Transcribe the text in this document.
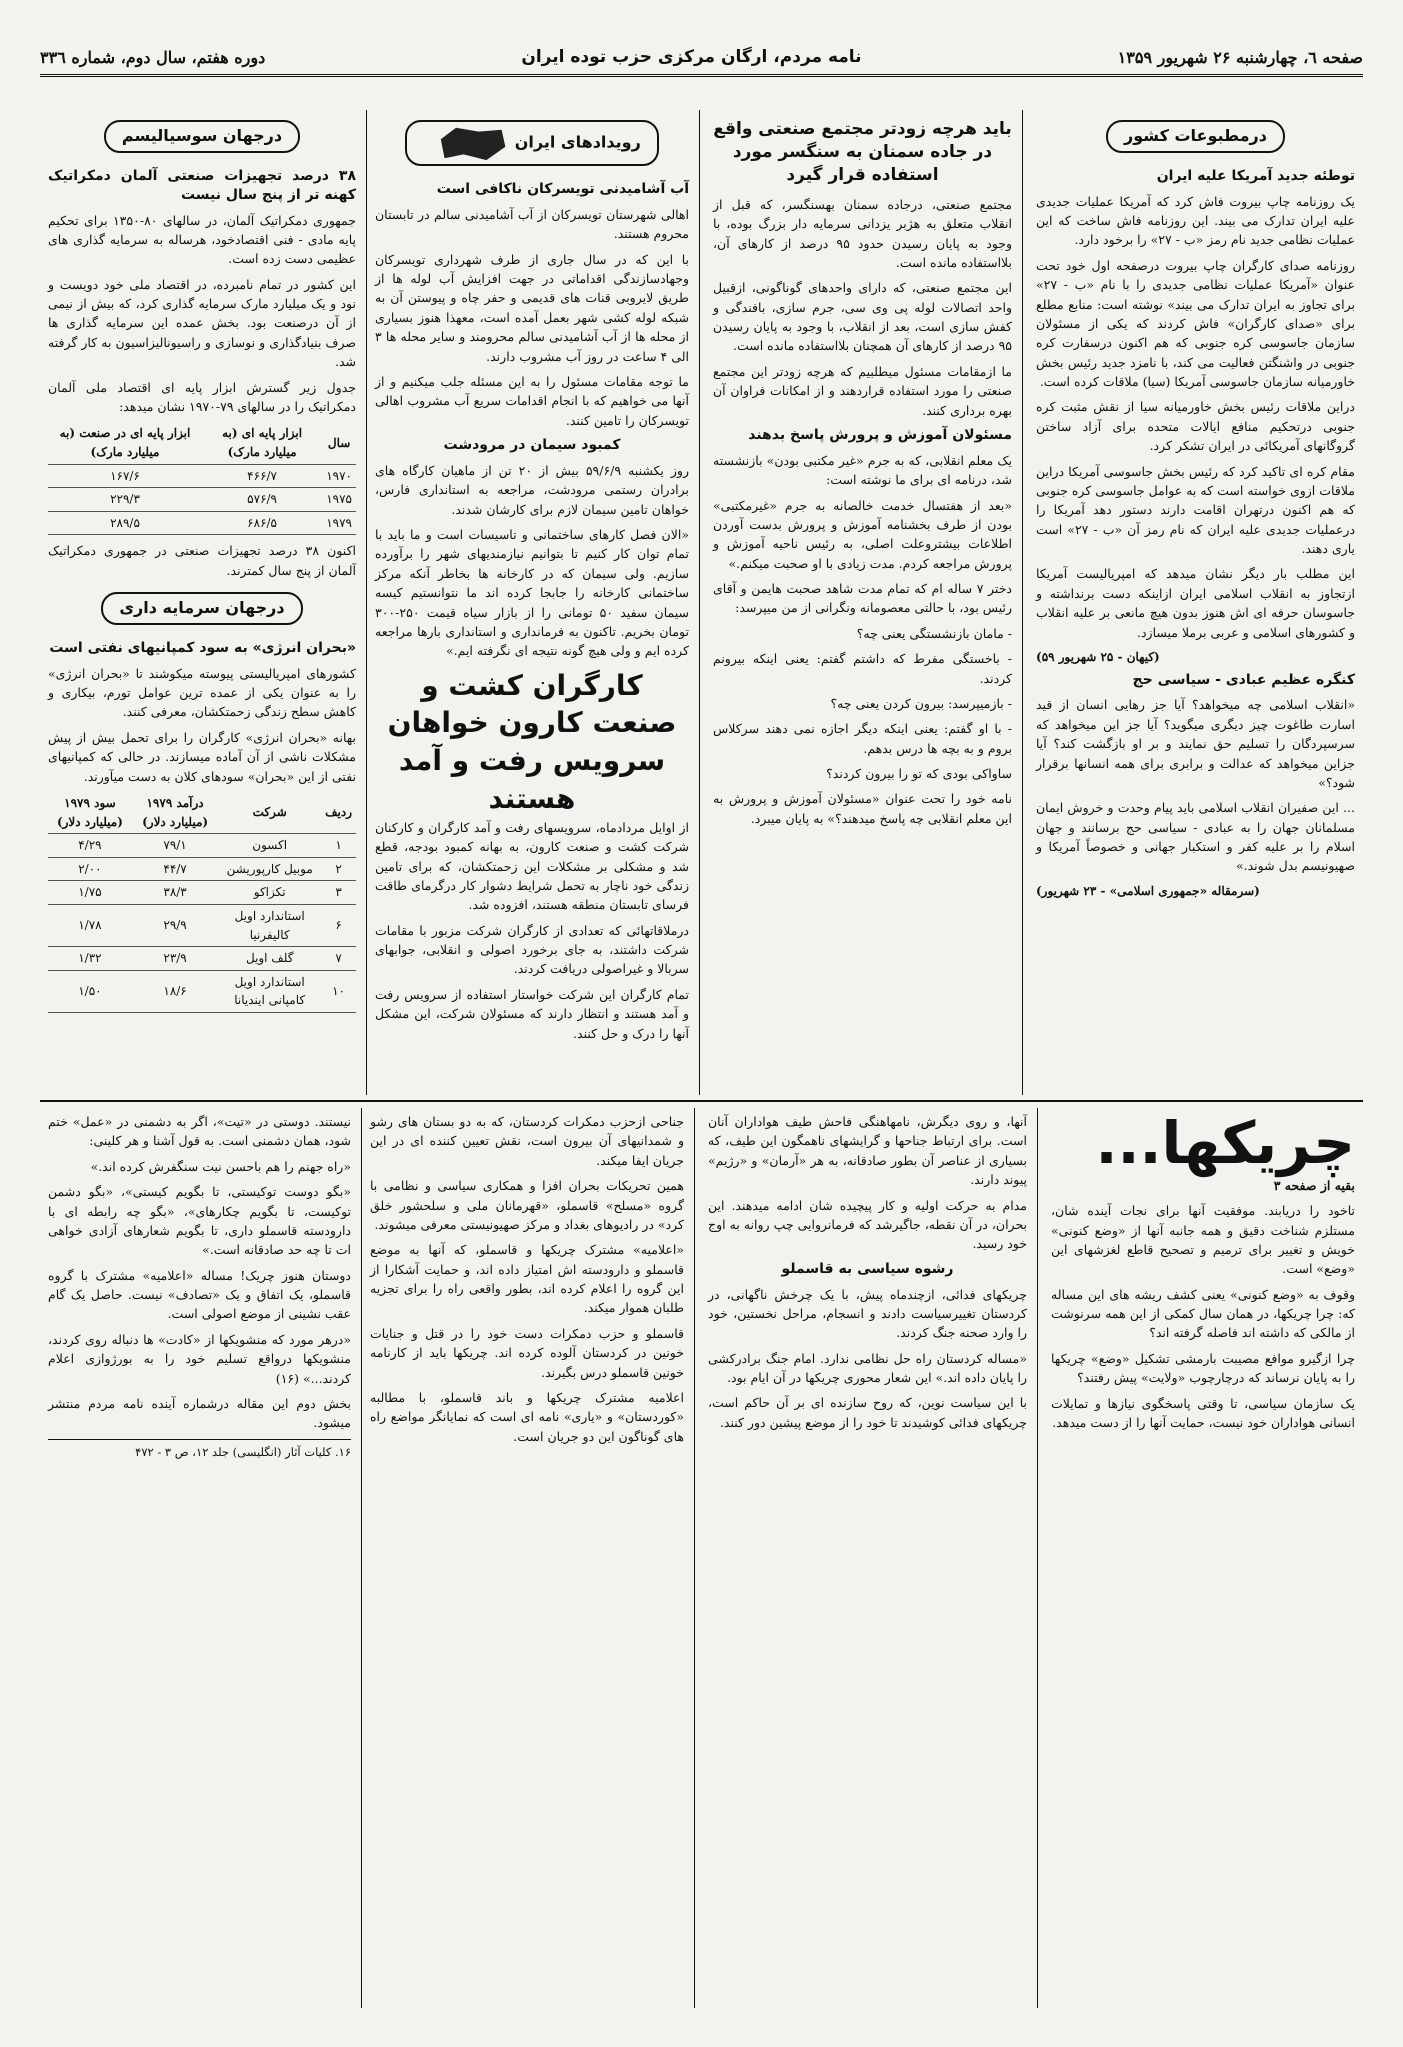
صفحه ٦، چهارشنبه ۲۶ شهریور ۱۳۵۹
نامه مردم، ارگان مرکزی حزب توده ایران
دوره هفتم، سال دوم، شماره ۳۳٦
درمطبوعات کشور
توطئه جدید آمریکا علیه ایران

یک روزنامه چاپ بیروت فاش کرد که آمریکا عملیات جدیدی علیه ایران تدارک می بیند. این روزنامه فاش ساخت که این عملیات نظامی جدید نام رمز «ب - ۲۷» را برخود دارد.

روزنامه صدای کارگران چاپ بیروت درصفحه اول خود تحت عنوان «آمریکا عملیات نظامی جدیدی را با نام «ب - ۲۷» برای تجاوز به ایران تدارک می بیند» نوشته است: منابع مطلع برای «صدای کارگران» فاش کردند که یکی از مسئولان سازمان جاسوسی کره جنوبی که هم اکنون درسفارت کره جنوبی در واشنگتن فعالیت می کند، با نامزد جدید رئیس بخش خاورمیانه سازمان جاسوسی آمریکا (سیا) ملاقات کرده است.

دراین ملاقات رئیس بخش خاورمیانه سیا از نقش مثبت کره جنوبی درتحکیم منافع ایالات متحده برای آزاد ساختن گروگانهای آمریکائی در ایران تشکر کرد.

مقام کره ای تاکید کرد که رئیس بخش جاسوسی آمریکا دراین ملاقات ازوی خواسته است که به عوامل جاسوسی کره جنوبی که هم اکنون درتهران اقامت دارند دستور دهد آمریکا را درعملیات جدیدی علیه ایران که نام رمز آن «ب - ۲۷» است یاری دهند.

این مطلب بار دیگر نشان میدهد که امپریالیست آمریکا ازتجاوز به انقلاب اسلامی ایران ازاینکه دست برنداشته و جاسوسان حرفه ای اش هنوز بدون هیچ مانعی بر علیه انقلاب و کشورهای اسلامی و عربی برملا میسازد.

(کیهان - ۲۵ شهریور ۵۹)
کنگره عظیم عبادی - سیاسی حج

«انقلاب اسلامی چه میخواهد؟ آیا جز رهایی انسان از قید اسارت طاغوت چیز دیگری میگوید؟ آیا جز این میخواهد که سرسپردگان را تسلیم حق نمایند و بر او بازگشت کند؟ آیا جزاین میخواهد که عدالت و برابری برای همه انسانها برقرار شود؟»

... این صفیران انقلاب اسلامی باید پیام وحدت و خروش ایمان مسلمانان جهان را به عبادی - سیاسی حج برسانند و جهان اسلام را بر علیه کفر و استکبار جهانی و خصوصاً آمریکا و صهیونیسم بدل شوند.»

(سرمقاله «جمهوری اسلامی» - ۲۳ شهریور)
باید هرچه زودتر مجتمع صنعتی واقع در جاده سمنان به سنگسر مورد استفاده قرار گیرد

مجتمع صنعتی، درجاده سمنان بهسنگسر، که قبل از انقلاب متعلق به هژبر یزدانی سرمایه دار بزرگ بوده، با وجود به پایان رسیدن حدود ۹۵ درصد از کارهای آن، بلااستفاده مانده است.

این مجتمع صنعتی، که دارای واحدهای گوناگونی، ازقبیل واحد اتصالات لوله پی وی سی، جرم سازی، بافندگی و کفش سازی است، بعد از انقلاب، با وجود به پایان رسیدن ۹۵ درصد از کارهای آن همچنان بلااستفاده مانده است.

ما ازمقامات مسئول میطلبیم که هرچه زودتر این مجتمع صنعتی را مورد استفاده قراردهند و از امکانات فراوان آن بهره برداری کنند.

مسئولان آموزش و پرورش پاسخ بدهند

یک معلم انقلابی، که به جرم «غیر مکتبی بودن» بازنشسته شد، درنامه ای برای ما نوشته است:

«بعد از هفتسال خدمت خالصانه به جرم «غیرمکتبی» بودن از طرف بخشنامه آموزش و پرورش بدست آوردن اطلاعات بیشتروعلت اصلی، به رئیس ناحیه آموزش و پرورش مراجعه کردم. مدت زیادی با او صحبت میکنم.»

دختر ۷ ساله ام که تمام مدت شاهد صحبت هایمن و آقای رئیس بود، با حالتی معصومانه ونگرانی از من میپرسد:

- مامان بازنشستگی یعنی چه؟

- باخستگی مفرط که داشتم گفتم: یعنی اینکه بیرونم کردند.

- بازمیپرسد: بیرون کردن یعنی چه؟

- با او گفتم: یعنی اینکه دیگر اجازه نمی دهند سرکلاس بروم و به بچه ها درس بدهم.

ساواکی بودی که تو را بیرون کردند؟

نامه خود را تحت عنوان «مسئولان آموزش و پرورش به این معلم انقلابی چه پاسخ میدهند؟» به پایان میبرد.

رویدادهای ایران
آب آشامیدنی تویسرکان ناکافی است

اهالی شهرستان تویسرکان از آب آشامیدنی سالم در تابستان محروم هستند.

با این که در سال جاری از طرف شهرداری تویسرکان وجهادسازندگی اقداماتی در جهت افزایش آب لوله ها از طریق لایروبی قنات های قدیمی و حفر چاه و پیوستن آن به شبکه لوله کشی شهر بعمل آمده است، معهذا هنوز بسیاری از محله ها از آب آشامیدنی سالم محرومند و سایر محله ها ۳ الی ۴ ساعت در روز آب مشروب دارند.

ما توجه مقامات مسئول را به این مسئله جلب میکنیم و از آنها می خواهیم که با انجام اقدامات سریع آب مشروب اهالی تویسرکان را تامین کنند.

کمبود سیمان در مرودشت

روز یکشنبه ۵۹/۶/۹ بیش از ۲۰ تن از ماهیان کارگاه های برادران رستمی مرودشت، مراجعه به استانداری فارس، خواهان تامین سیمان لازم برای کارشان شدند.

«الان فصل کارهای ساختمانی و تاسیسات است و ما باید با تمام توان کار کنیم تا بتوانیم نیازمندیهای شهر را برآورده سازیم. ولی سیمان که در کارخانه ها بخاطر آنکه مرکز ساختمانی کارخانه را جابجا کرده اند ما نتوانستیم کیسه سیمان سفید ۵۰ تومانی را از بازار سیاه قیمت ۲۵۰-۳۰۰ تومان بخریم. تاکنون به فرمانداری و استانداری بارها مراجعه کرده ایم و ولی هیچ گونه نتیجه ای نگرفته ایم.»

کارگران کشت و صنعت کارون خواهان سرویس رفت و آمد هستند

از اوایل مردادماه، سرویسهای رفت و آمد کارگران و کارکنان شرکت کشت و صنعت کارون، به بهانه کمبود بودجه، قطع شد و مشکلی بر مشکلات این زحمتکشان، که برای تامین زندگی خود ناچار به تحمل شرایط دشوار کار درگرمای طاقت فرسای تابستان منطقه هستند، افزوده شد.

درملاقاتهائی که تعدادی از کارگران شرکت مزبور با مقامات شرکت داشتند، به جای برخورد اصولی و انقلابی، جوابهای سربالا و غیراصولی دریافت کردند.

تمام کارگران این شرکت خواستار استفاده از سرویس رفت و آمد هستند و انتظار دارند که مسئولان شرکت، این مشکل آنها را درک و حل کنند.

درجهان سوسیالیسم
۳۸ درصد تجهیزات صنعتی آلمان دمکراتیک کهنه تر از پنج سال نیست

جمهوری دمکراتیک آلمان، در سالهای ۸۰-۱۳۵۰ برای تحکیم پایه مادی - فنی اقتصادخود، هرساله به سرمایه گذاری های عظیمی دست زده است.

این کشور در تمام نامبرده، در اقتصاد ملی خود دویست و نود و یک میلیارد مارک سرمایه گذاری کرد، که بیش از نیمی از آن درصنعت بود. بخش عمده این سرمایه گذاری ها صرف بنیادگذاری و نوسازی و راسیونالیزاسیون به کار گرفته شد.

جدول زیر گسترش ابزار پایه ای اقتصاد ملی آلمان دمکراتیک را در سالهای ۷۹-۱۹۷۰ نشان میدهد:

سال	ابزار پایه ای (به میلیارد مارک)	ابزار پایه ای در صنعت (به میلیارد مارک)
۱۹۷۰	۴۶۶/۷	۱۶۷/۶
۱۹۷۵	۵۷۶/۹	۲۲۹/۳
۱۹۷۹	۶۸۶/۵	۲۸۹/۵

اکنون ۳۸ درصد تجهیزات صنعتی در جمهوری دمکراتیک آلمان از پنج سال کمترند.

درجهان سرمایه داری
«بحران انرژی» به سود کمپانیهای نفتی است

کشورهای امپریالیستی پیوسته میکوشند تا «بحران انرژی» را به عنوان یکی از عمده ترین عوامل تورم، بیکاری و کاهش سطح زندگی زحمتکشان، معرفی کنند.

بهانه «بحران انرژی» کارگران را برای تحمل بیش از پیش مشکلات ناشی از آن آماده میسازند. در حالی که کمپانیهای نفتی از این «بحران» سودهای کلان به دست میآورند.

ردیف	شرکت	درآمد ۱۹۷۹ (میلیارد دلار)	سود ۱۹۷۹ (میلیارد دلار)
۱	اکسون	۷۹/۱	۴/۲۹
۲	موبیل کارپوریشن	۴۴/۷	۲/۰۰
۳	تکزاکو	۳۸/۳	۱/۷۵
۶	استاندارد اویل کالیفرنیا	۲۹/۹	۱/۷۸
۷	گلف اویل	۲۳/۹	۱/۳۲
۱۰	استاندارد اویل کامپانی ایندیانا	۱۸/۶	۱/۵۰
چریکها...

بقیه از صفحه ۳

تاخود را دریابند. موفقیت آنها برای نجات آینده شان، مستلزم شناخت دقیق و همه جانبه آنها از «وضع کنونی» خویش و تغییر برای ترمیم و تصحیح قاطع لغزشهای این «وضع» است.

وقوف به «وضع کنونی» یعنی کشف ریشه های این مساله که: چرا چریکها، در همان سال کمکی از این همه سرنوشت از مالکی که داشته اند فاصله گرفته اند؟

چرا ازگیرو موافع مصیبت بارمشی تشکیل «وضع» چریکها را به پایان نرساند که درچارچوب «ولایت» پیش رفتند؟

یک سازمان سیاسی، تا وقتی پاسخگوی نیازها و تمایلات انسانی هواداران خود نیست، حمایت آنها را از دست میدهد.

آنها، و روی دیگرش، نامهاهنگی فاحش طیف هواداران آنان است. برای ارتباط جناحها و گرایشهای ناهمگون این طیف، که بسیاری از عناصر آن بطور صادقانه، به هر «آرمان» و «رژیم» پیوند دارند.

مدام به حرکت اولیه و کار پیچیده شان ادامه میدهند. این بحران، در آن نقطه، جاگیرشد که فرمانروایی چپ روانه به اوج خود رسید.

رشوه سیاسی به قاسملو

چریکهای فدائی، ازچندماه پیش، با یک چرخش ناگهانی، در کردستان تغییرسیاست دادند و انسجام، مراحل نخستین، خود را وارد صحنه جنگ کردند.

«مساله کردستان راه حل نظامی ندارد. امام جنگ برادرکشی را پایان داده اند.» این شعار محوری چریکها در آن ایام بود.

با این سیاست نوین، که روح سازنده ای بر آن حاکم است، چریکهای فدائی کوشیدند تا خود را از موضع پیشین دور کنند.

جناحی ازحزب دمکرات کردستان، که به دو بستان های رشو و شمدانیهای آن بیرون است، نقش تعیین کننده ای در این جریان ایفا میکند.

همین تحریکات بحران افزا و همکاری سیاسی و نظامی با گروه «مسلح» قاسملو، «قهرمانان ملی و سلحشور خلق کرد» در رادیوهای بغداد و مرکز صهیونیستی معرفی میشوند.

«اعلامیه» مشترک چریکها و قاسملو، که آنها به موضع قاسملو و دارودسته اش امتیاز داده اند، و حمایت آشکارا از این گروه را اعلام کرده اند، بطور واقعی راه را برای تجزیه طلبان هموار میکند.

قاسملو و حزب دمکرات دست خود را در قتل و جنایات خونین در کردستان آلوده کرده اند. چریکها باید از کارنامه خونین قاسملو درس بگیرند.

اعلامیه مشترک چریکها و باند قاسملو، با مطالبه «کوردستان» و «یاری» نامه ای است که نمایانگر مواضع راه های گوناگون این دو جریان است.

نیستند. دوستی در «تیت»، اگر به دشمنی در «عمل» ختم شود، همان دشمنی است. به قول آشنا و هر کلینی:

«راه جهنم را هم باحسن نیت سنگفرش کرده اند.»

«بگو دوست توکیستی، تا بگویم کیستی»، «بگو دشمن توکیست، تا بگویم چکارهای»، «بگو چه رابطه ای با دارودسته قاسملو داری، تا بگویم شعارهای آزادی خواهی ات تا چه حد صادقانه است.»

دوستان هنوز چریک! مساله «اعلامیه» مشترک با گروه قاسملو، یک اتفاق و یک «تصادف» نیست. حاصل یک گام عقب نشینی از موضع اصولی است.

«درهر مورد که منشویکها از «کادت» ها دنباله روی کردند، منشویکها درواقع تسلیم خود را به بورژوازی اعلام کردند...» (۱۶)

بخش دوم این مقاله درشماره آینده نامه مردم منتشر میشود.

۱۶. کلیات آثار (انگلیسی) جلد ۱۲، ص ۳ - ۴۷۲
